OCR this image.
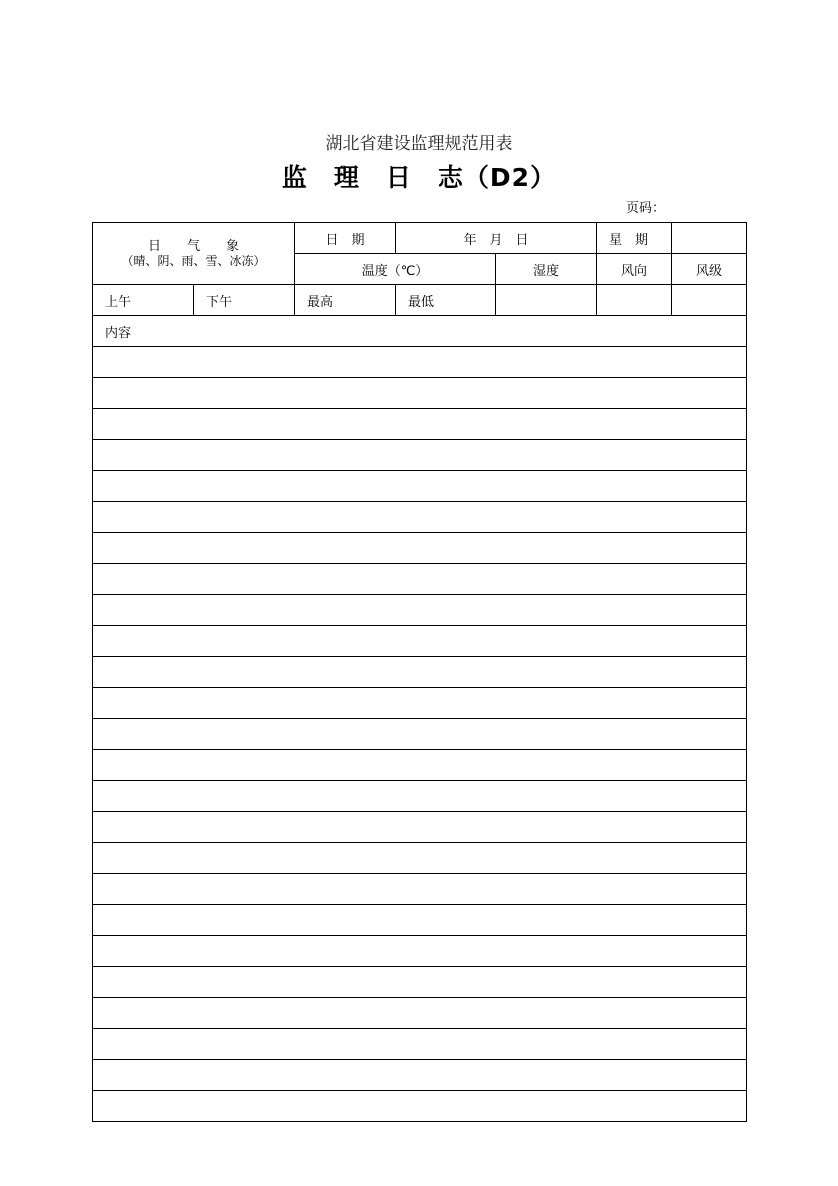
湖北省建设监理规范用表
监　理　日　志（D2）
页码：
日　　气　　象
（晴、阴、雨、雪、冰冻）		日　期	年　月　日		星　期	
		温度（℃）		湿度	风向	风级
上午	下午	最高	最低			
内容						
